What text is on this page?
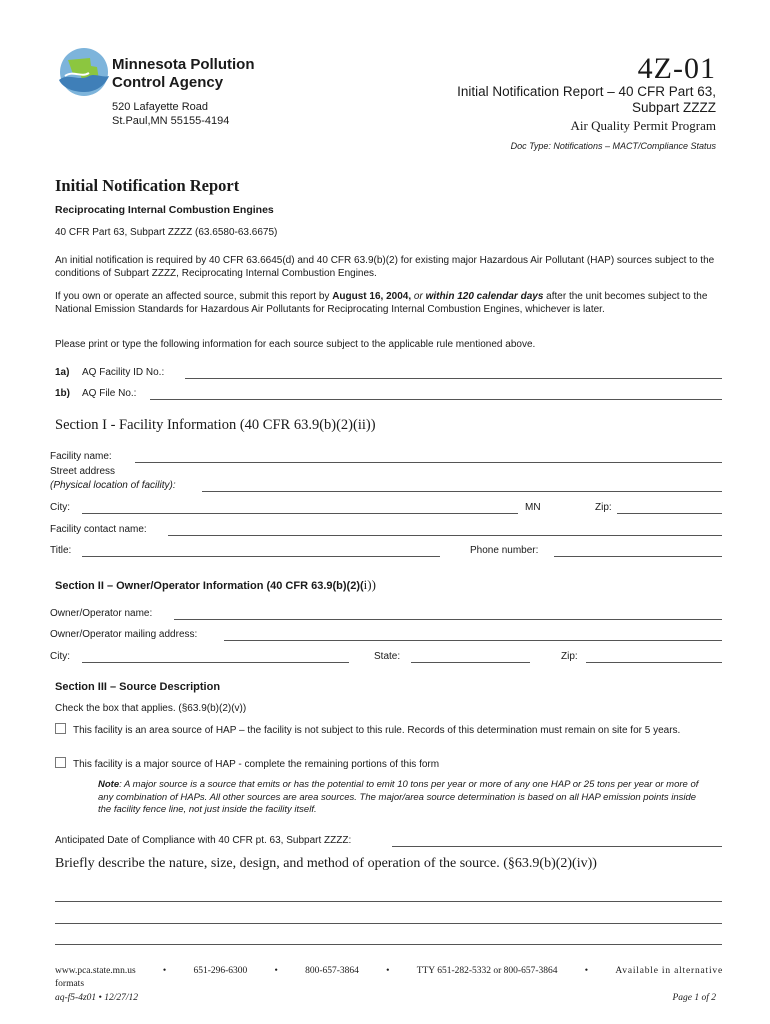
Minnesota Pollution
Control Agency
520 Lafayette Road
St.Paul,MN 55155-4194
4Z-01
Initial Notification Report – 40 CFR Part 63,
Subpart ZZZZ
Air Quality Permit Program
Doc Type: Notifications – MACT/Compliance Status
Initial Notification Report
Reciprocating Internal Combustion Engines
40 CFR Part 63, Subpart ZZZZ (63.6580-63.6675)
An initial notification is required by 40 CFR 63.6645(d) and 40 CFR 63.9(b)(2) for existing major Hazardous Air Pollutant (HAP) sources subject to the conditions of Subpart ZZZZ, Reciprocating Internal Combustion Engines.
If you own or operate an affected source, submit this report by August 16, 2004, or within 120 calendar days after the unit becomes subject to the National Emission Standards for Hazardous Air Pollutants for Reciprocating Internal Combustion Engines, whichever is later.
Please print or type the following information for each source subject to the applicable rule mentioned above.
1a) AQ Facility ID No.:
1b) AQ File No.:
Section I - Facility Information (40 CFR 63.9(b)(2)(ii))
Facility name:
Street address
(Physical location of facility):
City:	MN	Zip:
Facility contact name:
Title:	Phone number:
Section II – Owner/Operator Information (40 CFR 63.9(b)(2)(i))
Owner/Operator name:
Owner/Operator mailing address:
City:	State:	Zip:
Section III – Source Description
Check the box that applies. (§63.9(b)(2)(v))
This facility is an area source of HAP – the facility is not subject to this rule. Records of this determination must remain on site for 5 years.
This facility is a major source of HAP - complete the remaining portions of this form
Note: A major source is a source that emits or has the potential to emit 10 tons per year or more of any one HAP or 25 tons per year or more of any combination of HAPs. All other sources are area sources. The major/area source determination is based on all HAP emission points inside the facility fence line, not just inside the facility itself.
Anticipated Date of Compliance with 40 CFR pt. 63, Subpart ZZZZ:
Briefly describe the nature, size, design, and method of operation of the source. (§63.9(b)(2)(iv))
www.pca.state.mn.us	•	651-296-6300	•	800-657-3864	•	TTY 651-282-5332 or 800-657-3864	•	Available in alternative
formats
aq-f5-4z01 • 12/27/12	Page 1 of 2
